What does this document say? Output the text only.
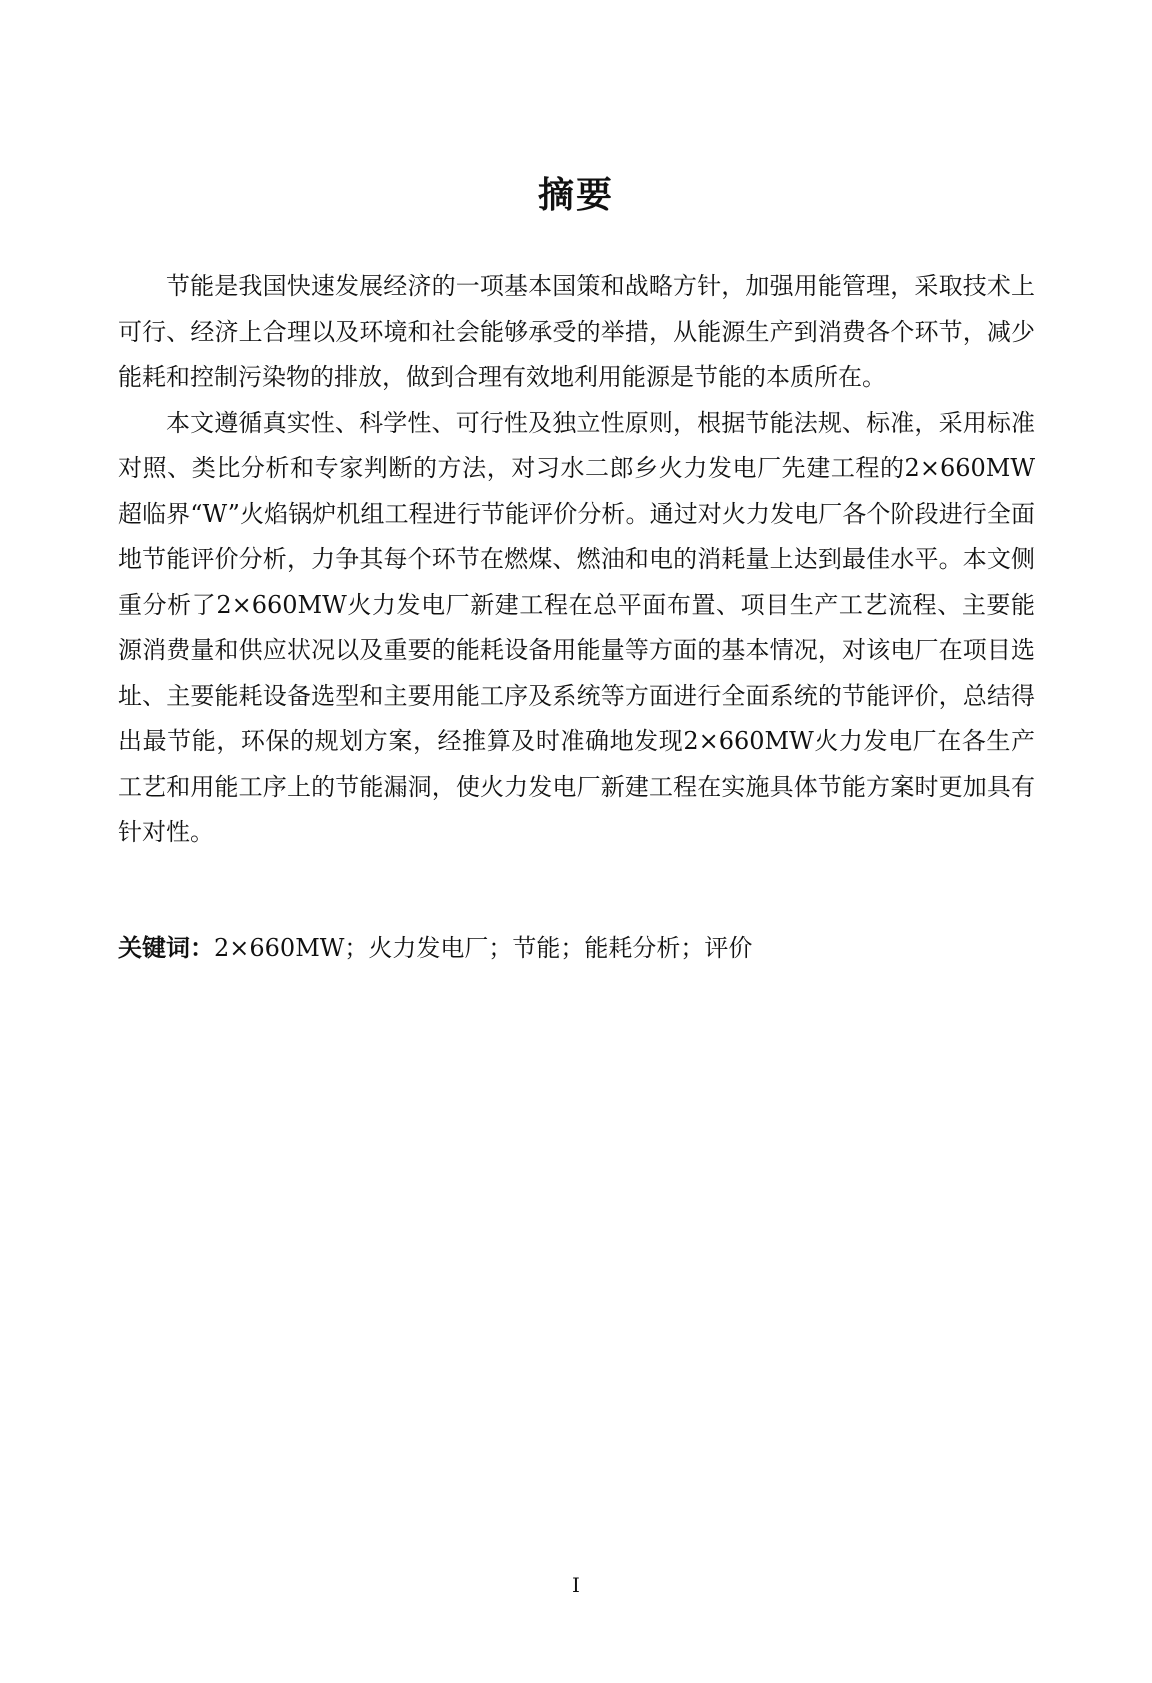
摘要

节能是我国快速发展经济的一项基本国策和战略方针，加强用能管理，采取技术上可行、经济上合理以及环境和社会能够承受的举措，从能源生产到消费各个环节，减少能耗和控制污染物的排放，做到合理有效地利用能源是节能的本质所在。

本文遵循真实性、科学性、可行性及独立性原则，根据节能法规、标准，采用标准对照、类比分析和专家判断的方法，对习水二郎乡火力发电厂先建工程的2×660MW超临界“W”火焰锅炉机组工程进行节能评价分析。通过对火力发电厂各个阶段进行全面地节能评价分析，力争其每个环节在燃煤、燃油和电的消耗量上达到最佳水平。本文侧重分析了2×660MW火力发电厂新建工程在总平面布置、项目生产工艺流程、主要能源消费量和供应状况以及重要的能耗设备用能量等方面的基本情况，对该电厂在项目选址、主要能耗设备选型和主要用能工序及系统等方面进行全面系统的节能评价，总结得出最节能，环保的规划方案，经推算及时准确地发现2×660MW火力发电厂在各生产工艺和用能工序上的节能漏洞，使火力发电厂新建工程在实施具体节能方案时更加具有针对性。

关键词：2×660MW；火力发电厂；节能；能耗分析；评价
I
